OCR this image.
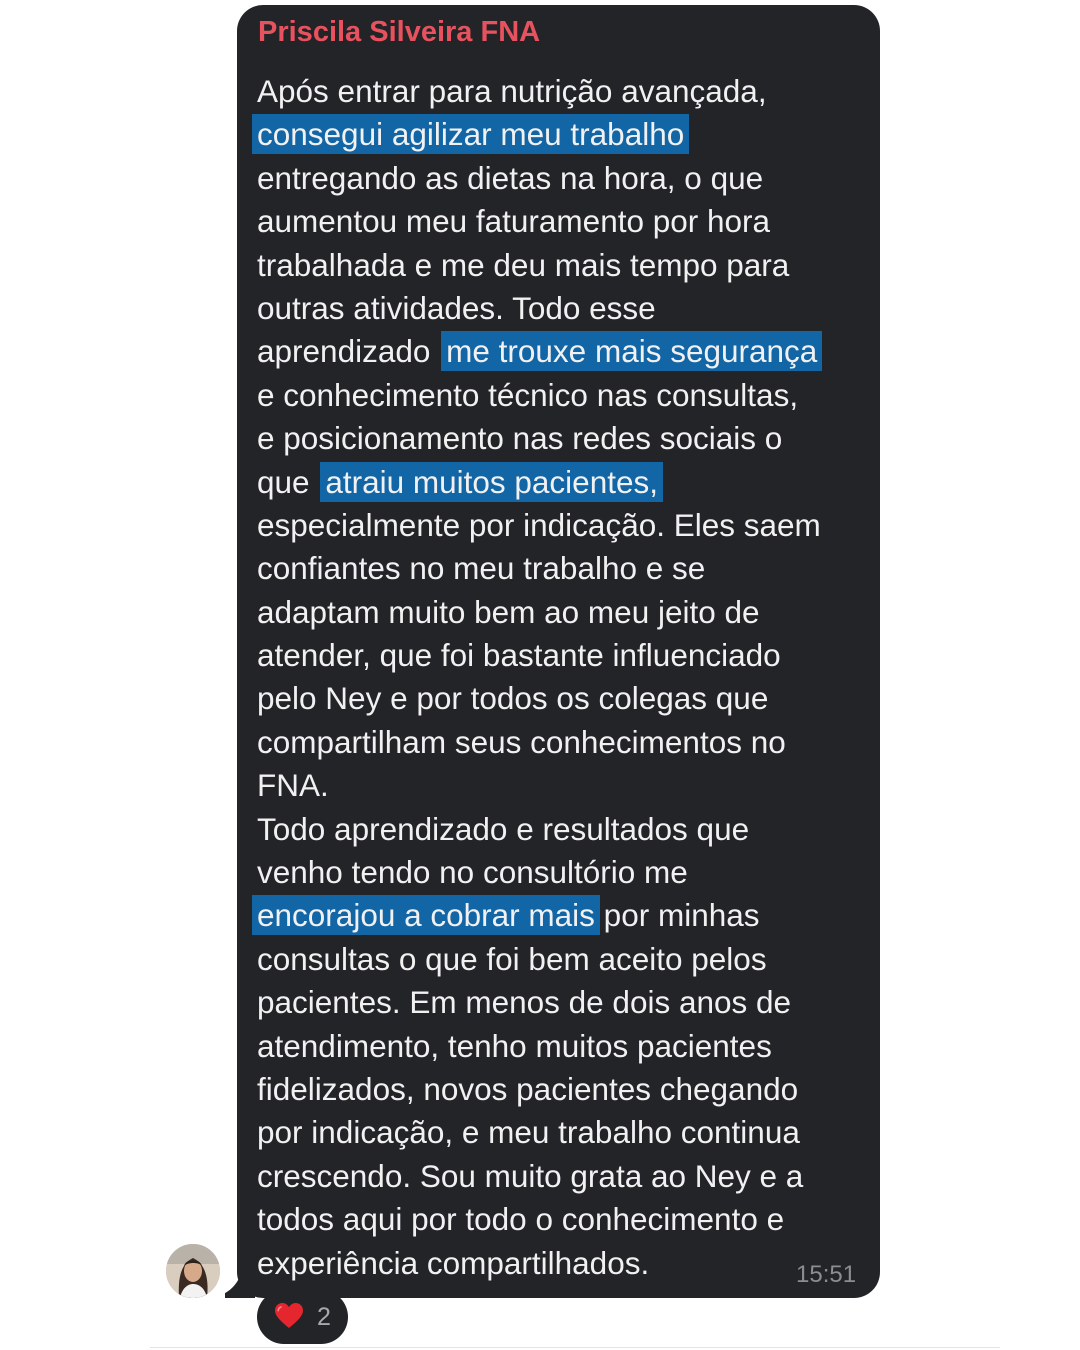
Priscila Silveira FNA
Após entrar para nutrição avançada,
consegui agilizar meu trabalho
entregando as dietas na hora, o que
aumentou meu faturamento por hora
trabalhada e me deu mais tempo para
outras atividades. Todo esse
aprendizado me trouxe mais segurança
e conhecimento técnico nas consultas,
e posicionamento nas redes sociais o
que atraiu muitos pacientes,
especialmente por indicação. Eles saem
confiantes no meu trabalho e se
adaptam muito bem ao meu jeito de
atender, que foi bastante influenciado
pelo Ney e por todos os colegas que
compartilham seus conhecimentos no
FNA.
Todo aprendizado e resultados que
venho tendo no consultório me
encorajou a cobrar mais por minhas
consultas o que foi bem aceito pelos
pacientes. Em menos de dois anos de
atendimento, tenho muitos pacientes
fidelizados, novos pacientes chegando
por indicação, e meu trabalho continua
crescendo. Sou muito grata ao Ney e a
todos aqui por todo o conhecimento e
experiência compartilhados.	15:51
2
